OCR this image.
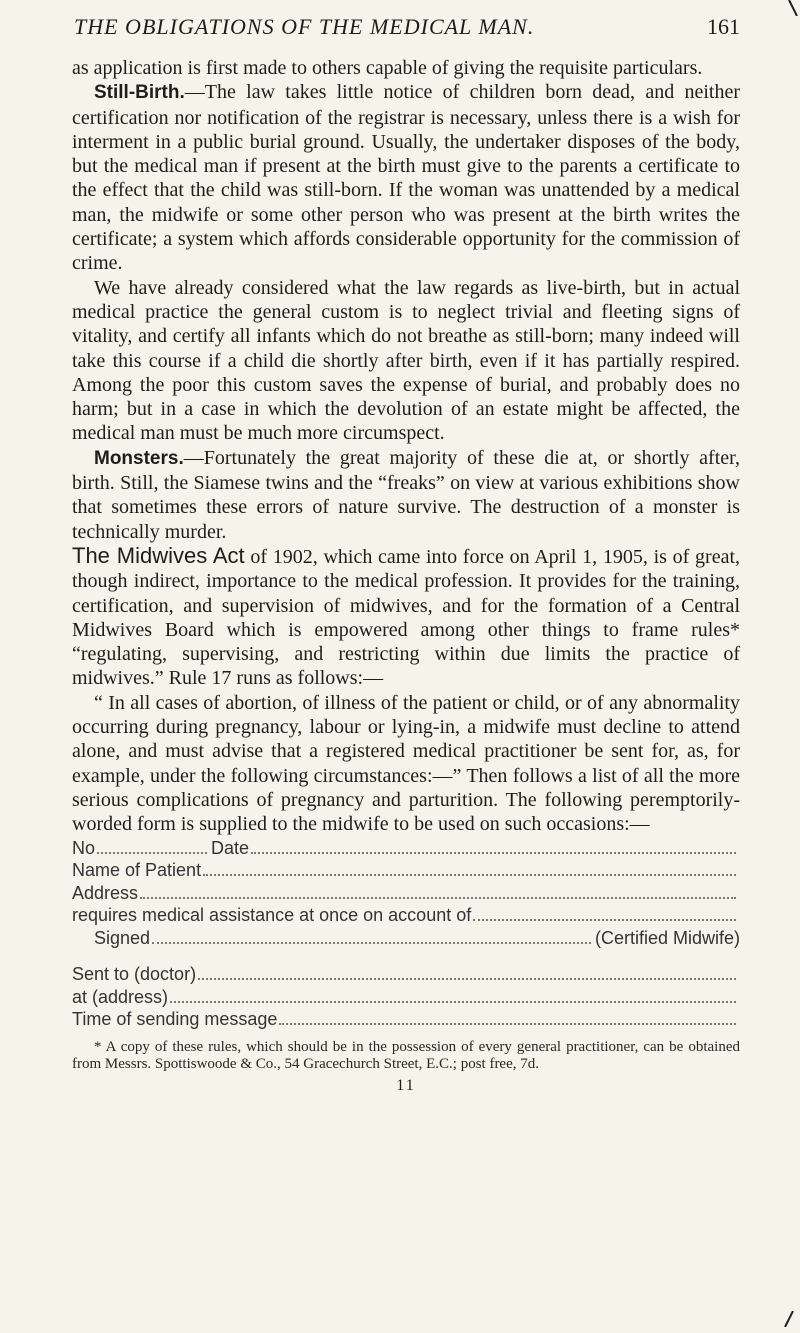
THE OBLIGATIONS OF THE MEDICAL MAN.	161

as application is first made to others capable of giving the requisite particulars.

Still-Birth.—The law takes little notice of children born dead, and neither certification nor notification of the registrar is necessary, unless there is a wish for interment in a public burial ground. Usually, the undertaker disposes of the body, but the medical man if present at the birth must give to the parents a certificate to the effect that the child was still-born. If the woman was unattended by a medical man, the midwife or some other person who was present at the birth writes the certificate; a system which affords considerable opportunity for the commission of crime.

We have already considered what the law regards as live-birth, but in actual medical practice the general custom is to neglect trivial and fleeting signs of vitality, and certify all infants which do not breathe as still-born; many indeed will take this course if a child die shortly after birth, even if it has partially respired. Among the poor this custom saves the expense of burial, and probably does no harm; but in a case in which the devolution of an estate might be affected, the medical man must be much more circumspect.

Monsters.—Fortunately the great majority of these die at, or shortly after, birth. Still, the Siamese twins and the “freaks” on view at various exhibitions show that sometimes these errors of nature survive. The destruction of a monster is technically murder.

The Midwives Act of 1902, which came into force on April 1, 1905, is of great, though indirect, importance to the medical profession. It provides for the training, certification, and supervision of midwives, and for the formation of a Central Midwives Board which is empowered among other things to frame rules* “regulating, supervising, and restricting within due limits the practice of midwives.” Rule 17 runs as follows:—

“ In all cases of abortion, of illness of the patient or child, or of any abnormality occurring during pregnancy, labour or lying-in, a midwife must decline to attend alone, and must advise that a registered medical practitioner be sent for, as, for example, under the following circumstances:—” Then follows a list of all the more serious complications of pregnancy and parturition. The following peremptorily-worded form is supplied to the midwife to be used on such occasions:—

No	Date
Name of Patient
Address
requires medical assistance at once on account of
Signed	(Certified Midwife)
Sent to (doctor)
at (address)
Time of sending message

* A copy of these rules, which should be in the possession of every general practitioner, can be obtained from Messrs. Spottiswoode & Co., 54 Gracechurch Street, E.C.; post free, 7d.

11
